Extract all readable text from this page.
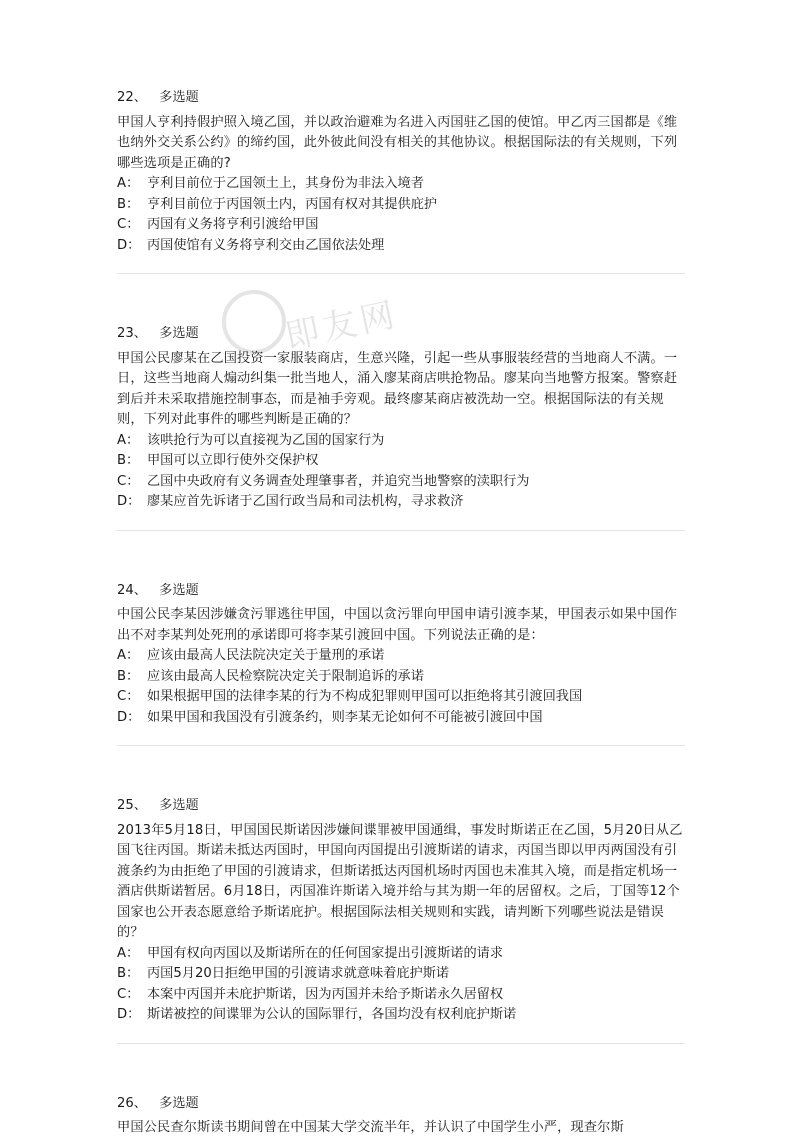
即友网
22、 多选题
甲国人亨利持假护照入境乙国，并以政治避难为名进入丙国驻乙国的使馆。甲乙丙三国都是《维也纳外交关系公约》的缔约国，此外彼此间没有相关的其他协议。根据国际法的有关规则，下列哪些选项是正确的?
A： 亨利目前位于乙国领土上，其身份为非法入境者
B： 亨利目前位于丙国领土内，丙国有权对其提供庇护
C： 丙国有义务将亨利引渡给甲国
D： 丙国使馆有义务将亨利交由乙国依法处理
23、 多选题
甲国公民廖某在乙国投资一家服装商店，生意兴隆，引起一些从事服装经营的当地商人不满。一日，这些当地商人煽动纠集一批当地人，涌入廖某商店哄抢物品。廖某向当地警方报案。警察赶到后并未采取措施控制事态，而是袖手旁观。最终廖某商店被洗劫一空。根据国际法的有关规则，下列对此事件的哪些判断是正确的？
A： 该哄抢行为可以直接视为乙国的国家行为
B： 甲国可以立即行使外交保护权
C： 乙国中央政府有义务调查处理肇事者，并追究当地警察的渎职行为
D： 廖某应首先诉诸于乙国行政当局和司法机构，寻求救济
24、 多选题
中国公民李某因涉嫌贪污罪逃往甲国，中国以贪污罪向甲国申请引渡李某，甲国表示如果中国作出不对李某判处死刑的承诺即可将李某引渡回中国。下列说法正确的是：
A： 应该由最高人民法院决定关于量刑的承诺
B： 应该由最高人民检察院决定关于限制追诉的承诺
C： 如果根据甲国的法律李某的行为不构成犯罪则甲国可以拒绝将其引渡回我国
D： 如果甲国和我国没有引渡条约，则李某无论如何不可能被引渡回中国
25、 多选题
2013年5月18日，甲国国民斯诺因涉嫌间谍罪被甲国通缉，事发时斯诺正在乙国，5月20日从乙国飞往丙国。斯诺未抵达丙国时，甲国向丙国提出引渡斯诺的请求，丙国当即以甲丙两国没有引渡条约为由拒绝了甲国的引渡请求，但斯诺抵达丙国机场时丙国也未准其入境，而是指定机场一酒店供斯诺暂居。6月18日，丙国准许斯诺入境并给与其为期一年的居留权。之后，丁国等12个国家也公开表态愿意给予斯诺庇护。根据国际法相关规则和实践，请判断下列哪些说法是错误的？
A： 甲国有权向丙国以及斯诺所在的任何国家提出引渡斯诺的请求
B： 丙国5月20日拒绝甲国的引渡请求就意味着庇护斯诺
C： 本案中丙国并未庇护斯诺，因为丙国并未给予斯诺永久居留权
D： 斯诺被控的间谍罪为公认的国际罪行，各国均没有权利庇护斯诺
26、 多选题
甲国公民查尔斯读书期间曾在中国某大学交流半年，并认识了中国学生小严，现查尔斯
